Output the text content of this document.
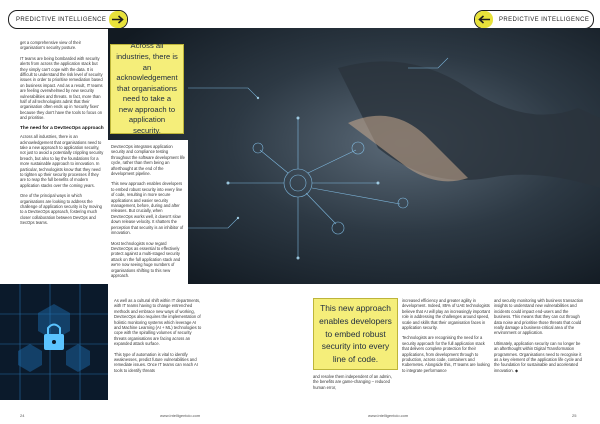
PREDICTIVE INTELLIGENCE	PREDICTIVE INTELLIGENCE

get a comprehensive view of their organisation's security posture.

IT teams are being bombarded with security alerts from across the application stack but they simply can't cope with the data. It is difficult to understand the risk level of security issues in order to prioritise remediation based on business impact. And as a result, IT teams are feeling overwhelmed by new security vulnerabilities and threats. In fact, more than half of all technologists admit that their organisation often ends up in 'security fixes' because they don't have the tools to focus on and prioritise.

The need for a DevSecOps approach

Across all industries, there is an acknowledgement that organisations need to take a new approach to application security, not just to avoid a potentially crippling security breach, but also to lay the foundations for a more sustainable approach to innovation. In particular, technologists know that they need to tighten up their security processes if they are to reap the full benefits of modern application stacks over the coming years.

One of the principal ways in which organisations are looking to address the challenge of application security is by moving to a DevSecOps approach, fostering much closer collaboration between DevOps and SecOps teams.

Across all industries, there is an acknowledgement that organisations need to take a new approach to application security.

DevSecOps integrates application security and compliance testing throughout the software development life cycle, rather than them being an afterthought at the end of the development pipeline.

This new approach enables developers to embed robust security into every line of code, resulting in more secure applications and easier security management, before, during and after releases. But crucially, when DevSecOps works well, it doesn't slow down release velocity. It shatters the perception that security is an inhibitor of innovation.

Most technologists now regard DevSecOps as essential to effectively protect against a multi-staged security attack on the full application stack and we're now seeing huge numbers of organisations shifting to this new approach.

As well as a cultural shift within IT departments, with IT teams having to change entrenched methods and embrace new ways of working, DevSecOps also requires the implementation of holistic monitoring systems which leverage AI and Machine Learning (AI + ML) technologies to cope with the spiralling volumes of security threats organisations are facing across an expanded attack surface.

This type of automation is vital to identify weaknesses, predict future vulnerabilities and remediate issues. Once IT teams can reach AI tools to identify threats

This new approach enables developers to embed robust security into every line of code.

and resolve them independent of an admin, the benefits are game-changing – reduced human error,

increased efficiency and greater agility in development. Indeed, 85% of UAE technologists believe that AI will play an increasingly important role in addressing the challenges around speed, scale and skills that their organisation faces in application security.

Technologists are recognising the need for a security approach for the full application stack that delivers complete protection for their applications, from development through to production, across code, containers and Kubernetes. Alongside this, IT teams are looking to integrate performance

and security monitoring with business transaction insights to understand new vulnerabilities and incidents could impact end-users and the business. This means that they can cut through data noise and prioritise those threats that could really damage a business-critical area of the environment or application.

Ultimately, application security can no longer be an afterthought within Digital Transformation programmes. Organisations need to recognise it as a key element of the application life cycle and the foundation for sustainable and accelerated innovation. ◆

24	www.intelligentcio.com	www.intelligentcio.com	25
